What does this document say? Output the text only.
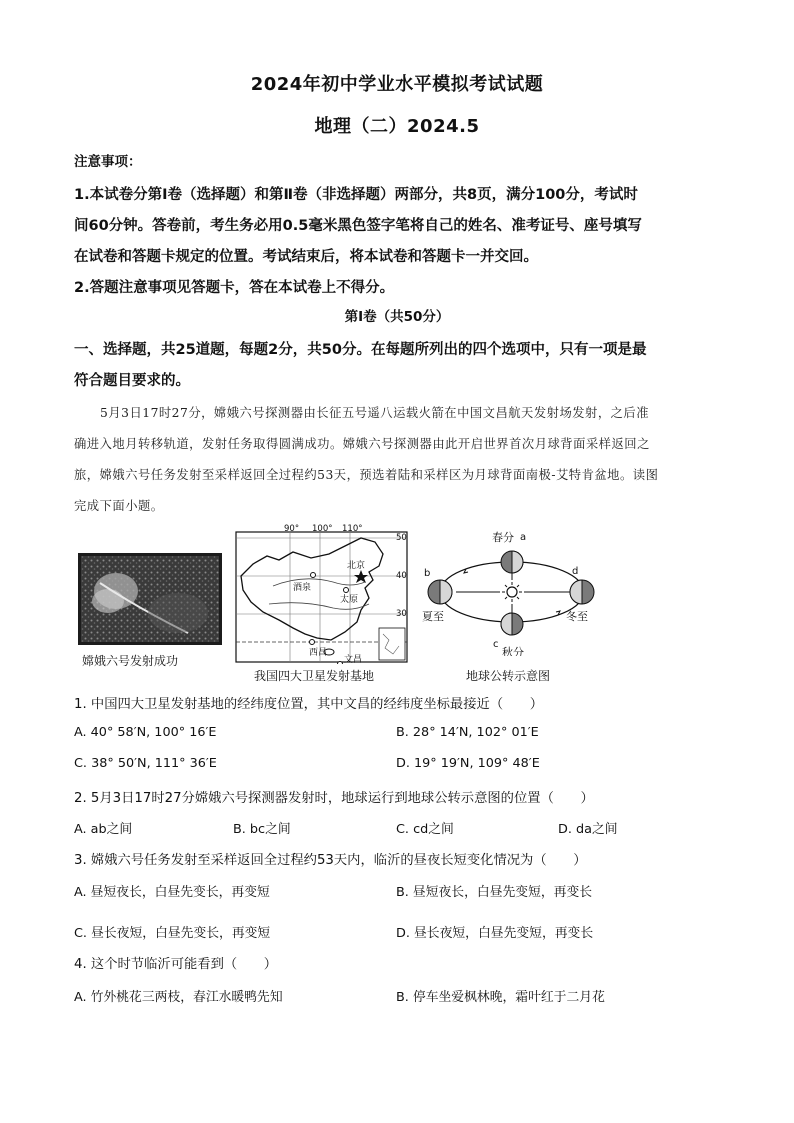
2024年初中学业水平模拟考试试题
地理（二）2024.5
注意事项：
1.本试卷分第Ⅰ卷（选择题）和第Ⅱ卷（非选择题）两部分，共8页，满分100分，考试时
间60分钟。答卷前，考生务必用0.5毫米黑色签字笔将自己的姓名、准考证号、座号填写
在试卷和答题卡规定的位置。考试结束后，将本试卷和答题卡一并交回。
2.答题注意事项见答题卡，答在本试卷上不得分。
第Ⅰ卷（共50分）
一、选择题，共25道题，每题2分，共50分。在每题所列出的四个选项中，只有一项是最
符合题目要求的。
5月3日17时27分，嫦娥六号探测器由长征五号遥八运载火箭在中国文昌航天发射场发射，之后准
确进入地月转移轨道，发射任务取得圆满成功。嫦娥六号探测器由此开启世界首次月球背面采样返回之
旅，嫦娥六号任务发射至采样返回全过程约53天，预选着陆和采样区为月球背面南极-艾特肯盆地。读图
完成下面小题。
嫦娥六号发射成功
90° 100° 110°
50
40
30
北京
酒泉
太原
西昌
文昌
我国四大卫星发射基地
春分 a
b
夏至
c
秋分
d
冬至
地球公转示意图
1. 中国四大卫星发射基地的经纬度位置，其中文昌的经纬度坐标最接近（　　）
A. 40° 58′N, 100° 16′E	B. 28° 14′N, 102° 01′E
C. 38° 50′N, 111° 36′E	D. 19° 19′N, 109° 48′E
2. 5月3日17时27分嫦娥六号探测器发射时，地球运行到地球公转示意图的位置（　　）
A. ab之间	B. bc之间	C. cd之间	D. da之间
3. 嫦娥六号任务发射至采样返回全过程约53天内，临沂的昼夜长短变化情况为（　　）
A. 昼短夜长，白昼先变长，再变短	B. 昼短夜长，白昼先变短，再变长
C. 昼长夜短，白昼先变长，再变短	D. 昼长夜短，白昼先变短，再变长
4. 这个时节临沂可能看到（　　）
A. 竹外桃花三两枝，春江水暖鸭先知	B. 停车坐爱枫林晚，霜叶红于二月花
